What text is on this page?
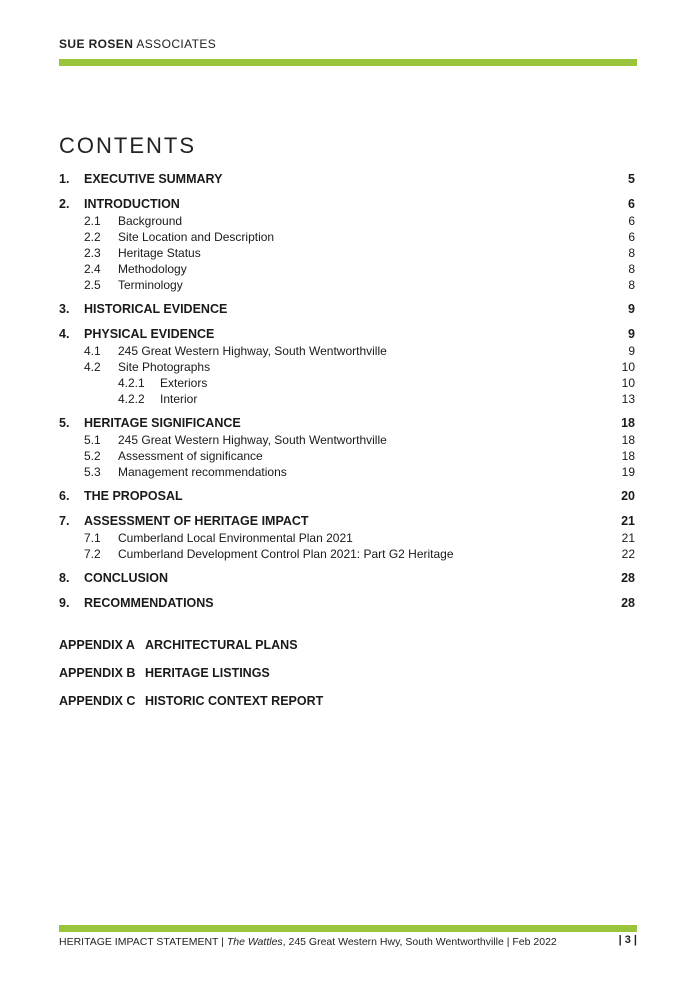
SUE ROSEN ASSOCIATES
CONTENTS
1. EXECUTIVE SUMMARY	5
2. INTRODUCTION	6
2.1 Background	6
2.2 Site Location and Description	6
2.3 Heritage Status	8
2.4 Methodology	8
2.5 Terminology	8
3. HISTORICAL EVIDENCE	9
4. PHYSICAL EVIDENCE	9
4.1 245 Great Western Highway, South Wentworthville	9
4.2 Site Photographs	10
4.2.1 Exteriors	10
4.2.2 Interior	13
5. HERITAGE SIGNIFICANCE	18
5.1 245 Great Western Highway, South Wentworthville	18
5.2 Assessment of significance	18
5.3 Management recommendations	19
6. THE PROPOSAL	20
7. ASSESSMENT OF HERITAGE IMPACT	21
7.1 Cumberland Local Environmental Plan 2021	21
7.2 Cumberland Development Control Plan 2021: Part G2 Heritage	22
8. CONCLUSION	28
9. RECOMMENDATIONS	28
APPENDIX A ARCHITECTURAL PLANS
APPENDIX B HERITAGE LISTINGS
APPENDIX C HISTORIC CONTEXT REPORT
HERITAGE IMPACT STATEMENT | The Wattles, 245 Great Western Hwy, South Wentworthville | Feb 2022	| 3 |
